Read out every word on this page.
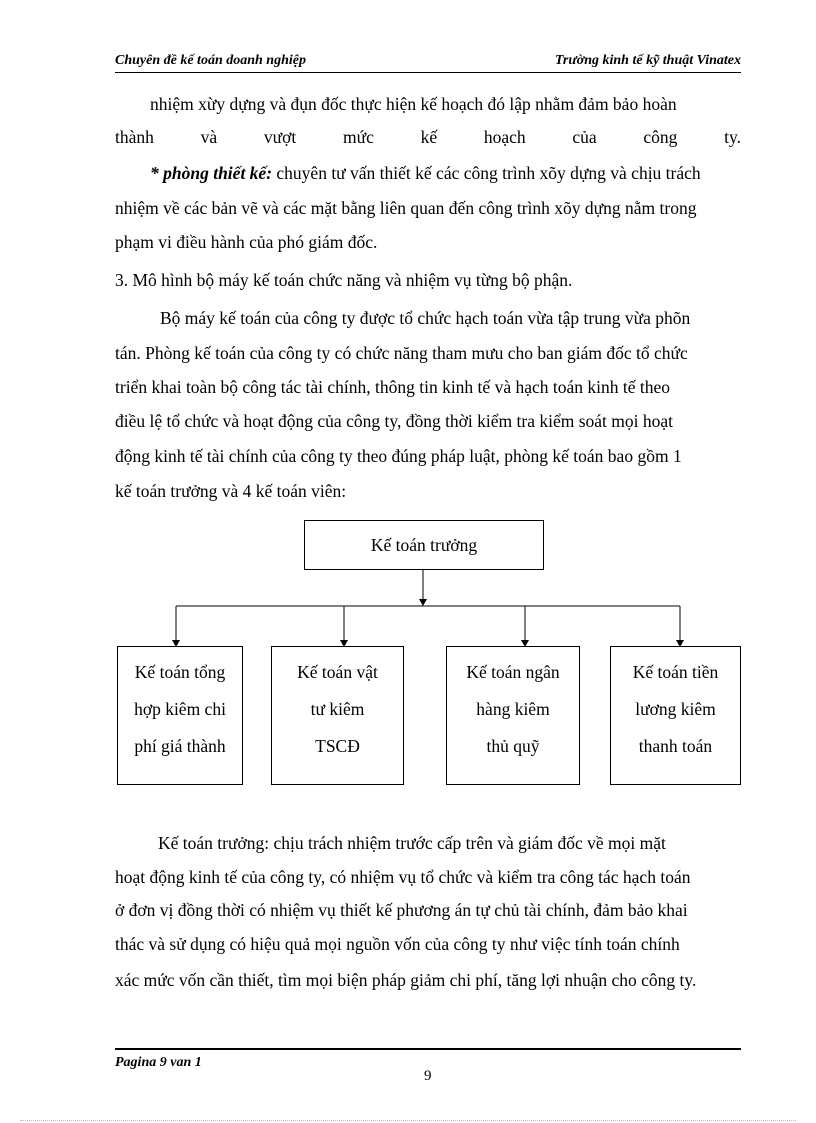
Chuyên đề kế toán doanh nghiệp	Trường kinh tế kỹ thuật Vinatex
nhiệm xừy dựng và đụn đốc thực hiện kế hoạch đó lập nhằm đảm bảo hoàn
thành và vượt mức kế hoạch của công ty.
* phòng thiết kế: chuyên tư vấn thiết kế các công trình xõy dựng và chịu trách
nhiệm về các bản vẽ và các mặt bằng liên quan đến công trình xõy dựng nằm trong
phạm vi điều hành của phó giám đốc.
3. Mô hình bộ máy kế toán chức năng và nhiệm vụ từng bộ phận.
Bộ máy kế toán của công ty được tổ chức hạch toán vừa tập trung vừa phõn
tán. Phòng kế toán của công ty có chức năng tham mưu cho ban giám đốc tổ chức
triển khai toàn bộ công tác tài chính, thông tin kinh tế và hạch toán kinh tế theo
điều lệ tổ chức và hoạt động của công ty, đồng thời kiểm tra kiểm soát mọi hoạt
động kinh tế tài chính của công ty theo đúng pháp luật, phòng kế toán bao gồm 1
kế toán trưởng và 4 kế toán viên:
Kế toán trưởng
Kế toán tổng
hợp kiêm chi
phí giá thành
Kế toán vật
tư kiêm
TSCĐ
Kế toán ngân
hàng kiêm
thủ quỹ
Kế toán tiền
lương kiêm
thanh toán
Kế toán trưởng: chịu trách nhiệm trước cấp trên và giám đốc về mọi mặt
hoạt động kinh tế của công ty, có nhiệm vụ tổ chức và kiểm tra công tác hạch toán
ở đơn vị đồng thời có nhiệm vụ thiết kế phương án tự chủ tài chính, đảm bảo khai
thác và sử dụng có hiệu quả mọi nguồn vốn của công ty như việc tính toán chính
xác mức vốn cần thiết, tìm mọi biện pháp giảm chi phí, tăng lợi nhuận cho công ty.
Pagina 9 van 1
9
